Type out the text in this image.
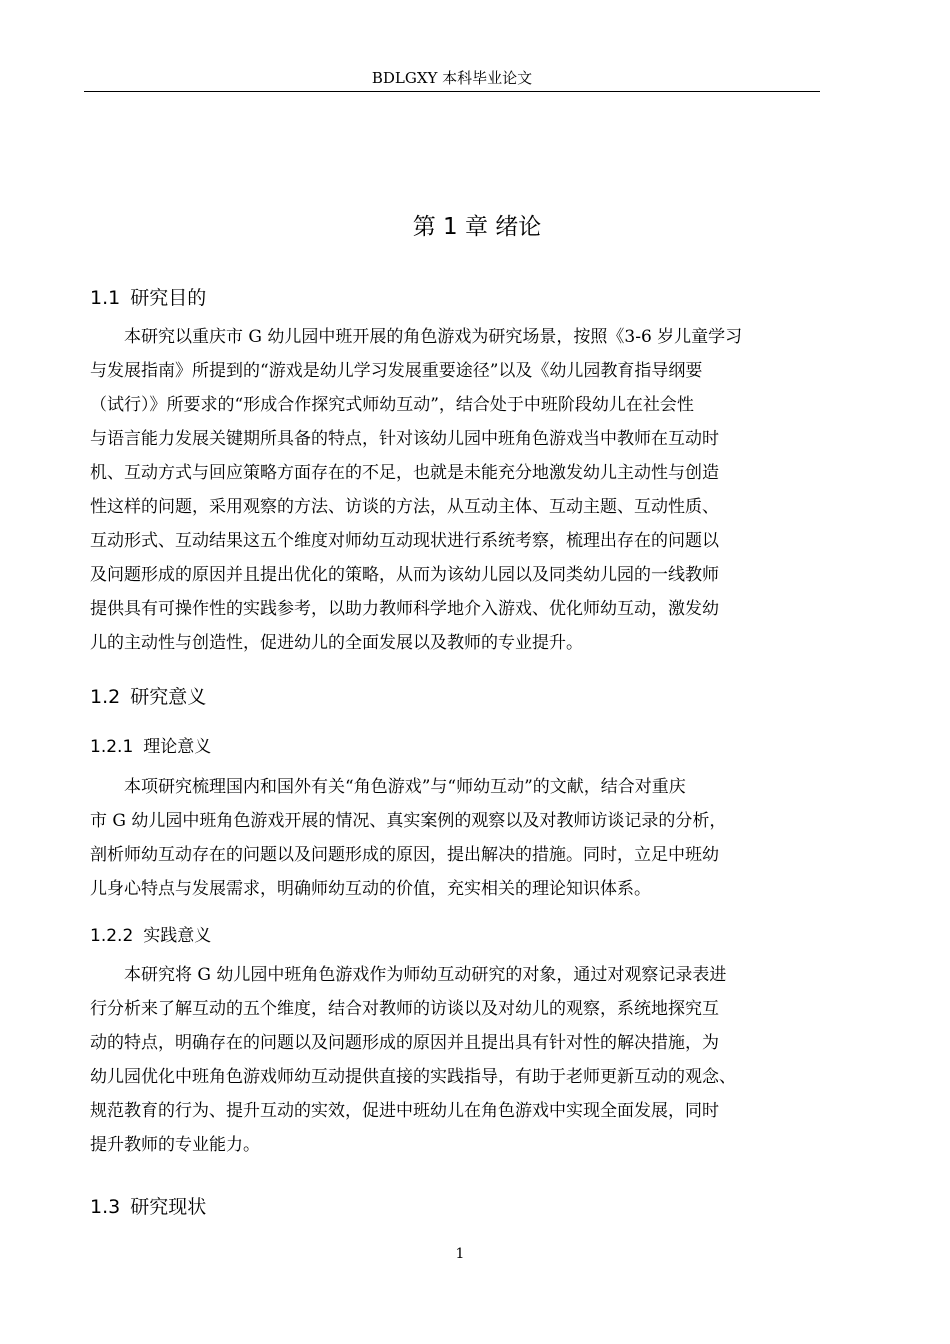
BDLGXY 本科毕业论文
第 1 章 绪论
1.1 研究目的

　　本研究以重庆市 G 幼儿园中班开展的角色游戏为研究场景，按照《3-6 岁儿童学习
与发展指南》所提到的“游戏是幼儿学习发展重要途径”以及《幼儿园教育指导纲要
（试行）》所要求的“形成合作探究式师幼互动”，结合处于中班阶段幼儿在社会性
与语言能力发展关键期所具备的特点，针对该幼儿园中班角色游戏当中教师在互动时
机、互动方式与回应策略方面存在的不足，也就是未能充分地激发幼儿主动性与创造
性这样的问题，采用观察的方法、访谈的方法，从互动主体、互动主题、互动性质、
互动形式、互动结果这五个维度对师幼互动现状进行系统考察，梳理出存在的问题以
及问题形成的原因并且提出优化的策略，从而为该幼儿园以及同类幼儿园的一线教师
提供具有可操作性的实践参考，以助力教师科学地介入游戏、优化师幼互动，激发幼
儿的主动性与创造性，促进幼儿的全面发展以及教师的专业提升。

1.2 研究意义
1.2.1 理论意义

　　本项研究梳理国内和国外有关“角色游戏”与“师幼互动”的文献，结合对重庆
市 G 幼儿园中班角色游戏开展的情况、真实案例的观察以及对教师访谈记录的分析，
剖析师幼互动存在的问题以及问题形成的原因，提出解决的措施。同时，立足中班幼
儿身心特点与发展需求，明确师幼互动的价值，充实相关的理论知识体系。

1.2.2 实践意义

　　本研究将 G 幼儿园中班角色游戏作为师幼互动研究的对象，通过对观察记录表进
行分析来了解互动的五个维度，结合对教师的访谈以及对幼儿的观察，系统地探究互
动的特点，明确存在的问题以及问题形成的原因并且提出具有针对性的解决措施，为
幼儿园优化中班角色游戏师幼互动提供直接的实践指导，有助于老师更新互动的观念、
规范教育的行为、提升互动的实效，促进中班幼儿在角色游戏中实现全面发展，同时
提升教师的专业能力。

1.3 研究现状
1
